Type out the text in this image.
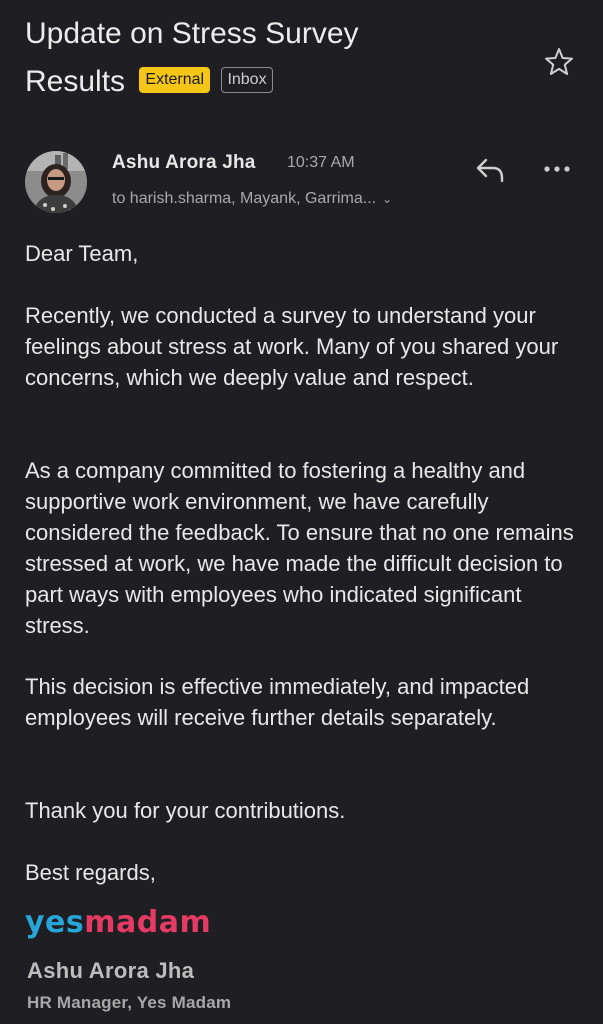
Update on Stress Survey
Results External Inbox
Ashu Arora Jha 10:37 AM
to harish.sharma, Mayank, Garrima... ⌄
Dear Team,
Recently, we conducted a survey to understand your feelings about stress at work. Many of you shared your concerns, which we deeply value and respect.
As a company committed to fostering a healthy and supportive work environment, we have carefully considered the feedback. To ensure that no one remains stressed at work, we have made the difficult decision to part ways with employees who indicated significant stress.
This decision is effective immediately, and impacted employees will receive further details separately.
Thank you for your contributions.
Best regards,
yesmadam
Ashu Arora Jha
HR Manager, Yes Madam
